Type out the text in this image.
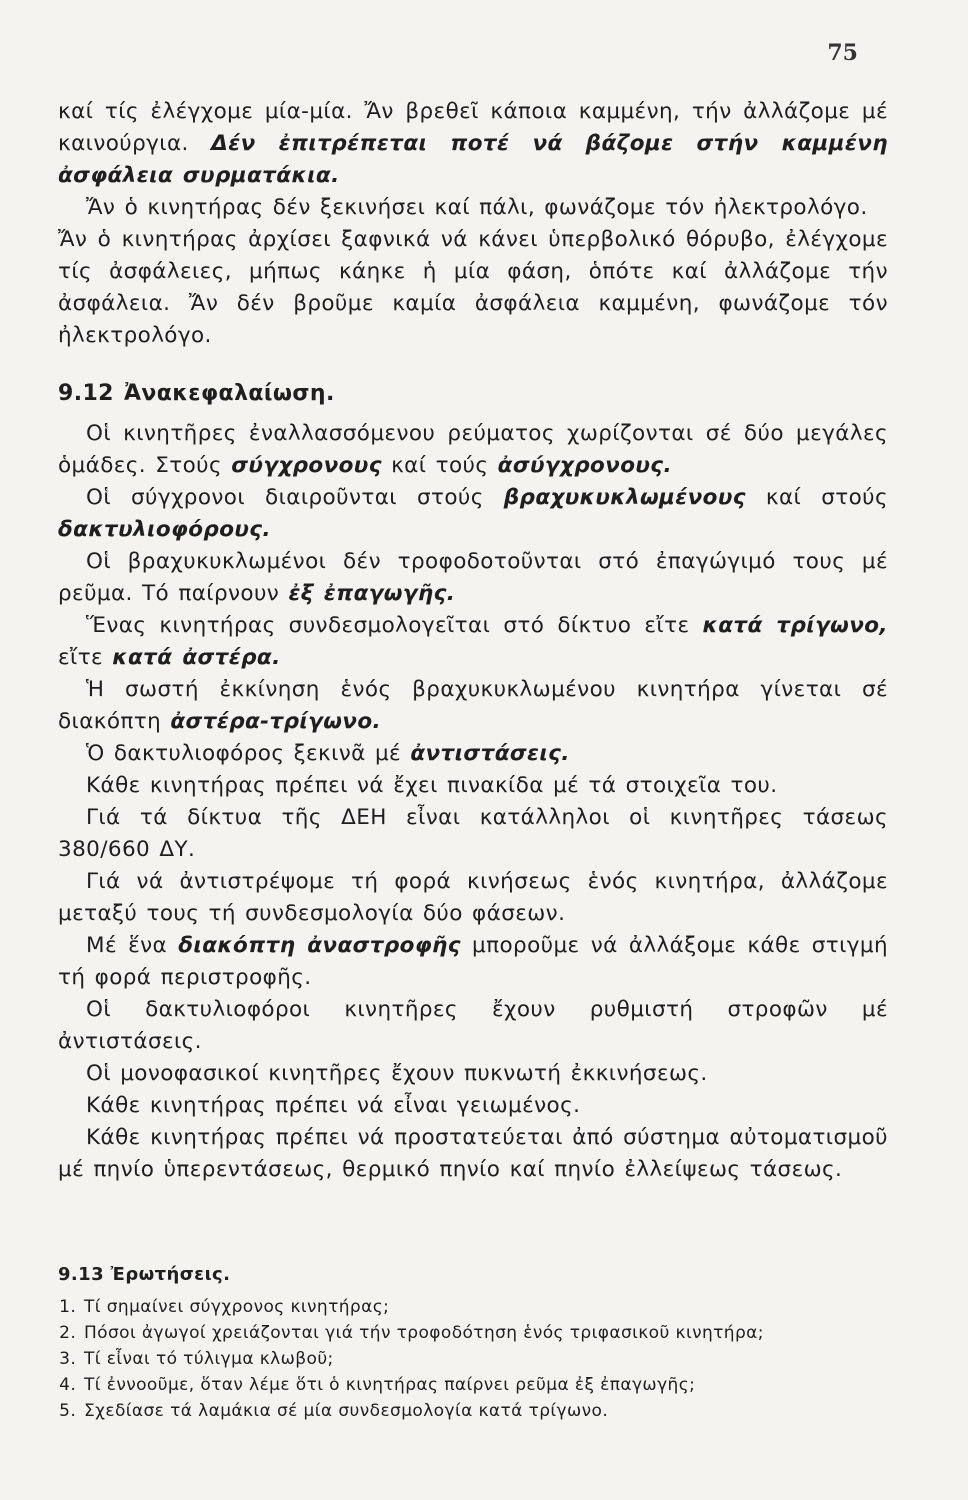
75

καί τίς ἐλέγχομε μία-μία. Ἄν βρεθεῖ κάποια καμμένη, τήν ἀλλάζομε μέ καινούργια. Δέν ἐπιτρέπεται ποτέ νά βάζομε στήν καμμένη ἀσφάλεια συρματάκια.

Ἄν ὁ κινητήρας δέν ξεκινήσει καί πάλι, φωνάζομε τόν ἠλεκτρολόγο.

Ἄν ὁ κινητήρας ἀρχίσει ξαφνικά νά κάνει ὑπερβολικό θόρυβο, ἐλέγχομε τίς ἀσφάλειες, μήπως κάηκε ἡ μία φάση, ὁπότε καί ἀλλάζομε τήν ἀσφάλεια. Ἄν δέν βροῦμε καμία ἀσφάλεια καμμένη, φωνάζομε τόν ἠλεκτρολόγο.

9.12 Ἀνακεφαλαίωση.

Οἱ κινητῆρες ἐναλλασσόμενου ρεύματος χωρίζονται σέ δύο μεγάλες ὁμάδες. Στούς σύγχρονους καί τούς ἀσύγχρονους.

Οἱ σύγχρονοι διαιροῦνται στούς βραχυκυκλωμένους καί στούς δακτυλιοφόρους.

Οἱ βραχυκυκλωμένοι δέν τροφοδοτοῦνται στό ἐπαγώγιμό τους μέ ρεῦμα. Τό παίρνουν ἐξ ἐπαγωγῆς.

Ἕνας κινητήρας συνδεσμολογεῖται στό δίκτυο εἴτε κατά τρίγωνο, εἴτε κατά ἀστέρα.

Ἡ σωστή ἐκκίνηση ἑνός βραχυκυκλωμένου κινητήρα γίνεται σέ διακόπτη ἀστέρα-τρίγωνο.

Ὁ δακτυλιοφόρος ξεκινᾶ μέ ἀντιστάσεις.

Κάθε κινητήρας πρέπει νά ἔχει πινακίδα μέ τά στοιχεῖα του.

Γιά τά δίκτυα τῆς ΔΕΗ εἶναι κατάλληλοι οἱ κινητῆρες τάσεως 380/660 ΔΥ.

Γιά νά ἀντιστρέψομε τή φορά κινήσεως ἑνός κινητήρα, ἀλλάζομε μεταξύ τους τή συνδεσμολογία δύο φάσεων.

Μέ ἕνα διακόπτη ἀναστροφῆς μποροῦμε νά ἀλλάξομε κάθε στιγμή τή φορά περιστροφῆς.

Οἱ δακτυλιοφόροι κινητῆρες ἔχουν ρυθμιστή στροφῶν μέ ἀντιστάσεις.

Οἱ μονοφασικοί κινητῆρες ἔχουν πυκνωτή ἐκκινήσεως.

Κάθε κινητήρας πρέπει νά εἶναι γειωμένος.

Κάθε κινητήρας πρέπει νά προστατεύεται ἀπό σύστημα αὐτοματισμοῦ μέ πηνίο ὑπερεντάσεως, θερμικό πηνίο καί πηνίο ἐλλείψεως τάσεως.

9.13 Ἐρωτήσεις.
1. Τί σημαίνει σύγχρονος κινητήρας;
2. Πόσοι ἀγωγοί χρειάζονται γιά τήν τροφοδότηση ἑνός τριφασικοῦ κινητήρα;
3. Τί εἶναι τό τύλιγμα κλωβοῦ;
4. Τί ἐννοοῦμε, ὅταν λέμε ὅτι ὁ κινητήρας παίρνει ρεῦμα ἐξ ἐπαγωγῆς;
5. Σχεδίασε τά λαμάκια σέ μία συνδεσμολογία κατά τρίγωνο.
